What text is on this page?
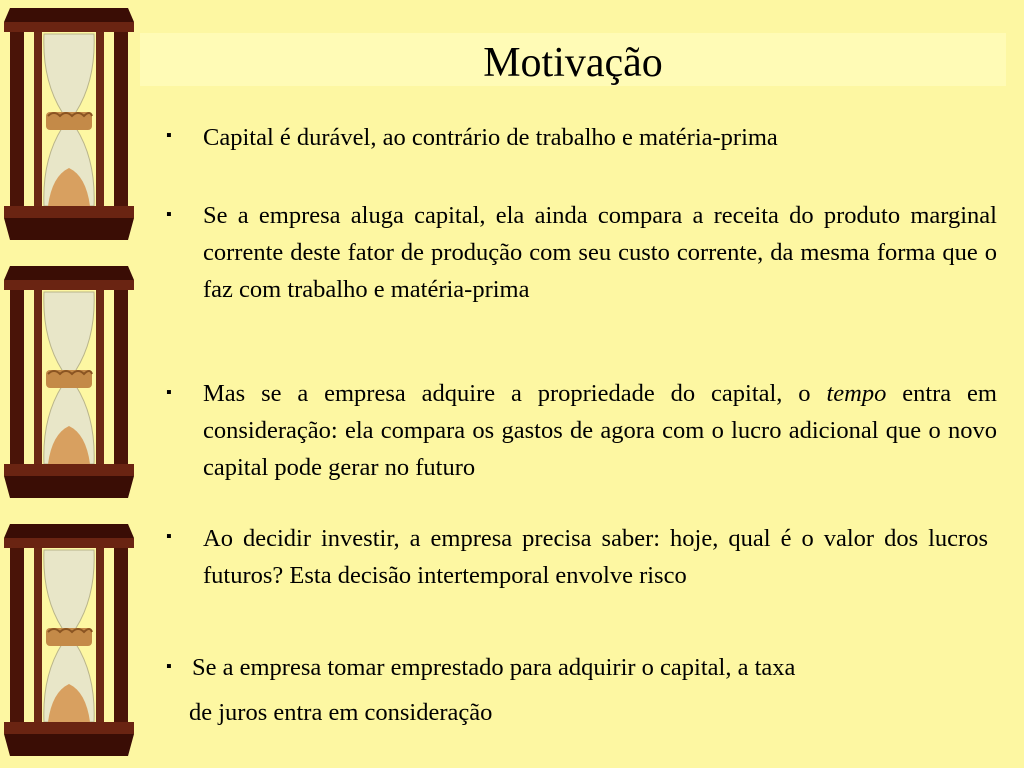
Motivação
▪ Capital é durável, ao contrário de trabalho e matéria-prima
▪ Se a empresa aluga capital, ela ainda compara a receita do produto marginal corrente deste fator de produção com seu custo corrente, da mesma forma que o faz com trabalho e matéria-prima
▪ Mas se a empresa adquire a propriedade do capital, o tempo entra em consideração: ela compara os gastos de agora com o lucro adicional que o novo capital pode gerar no futuro
▪ Ao decidir investir, a empresa precisa saber: hoje, qual é o valor dos lucros futuros? Esta decisão intertemporal envolve risco
▪ Se a empresa tomar emprestado para adquirir o capital, a taxa
de juros entra em consideração
